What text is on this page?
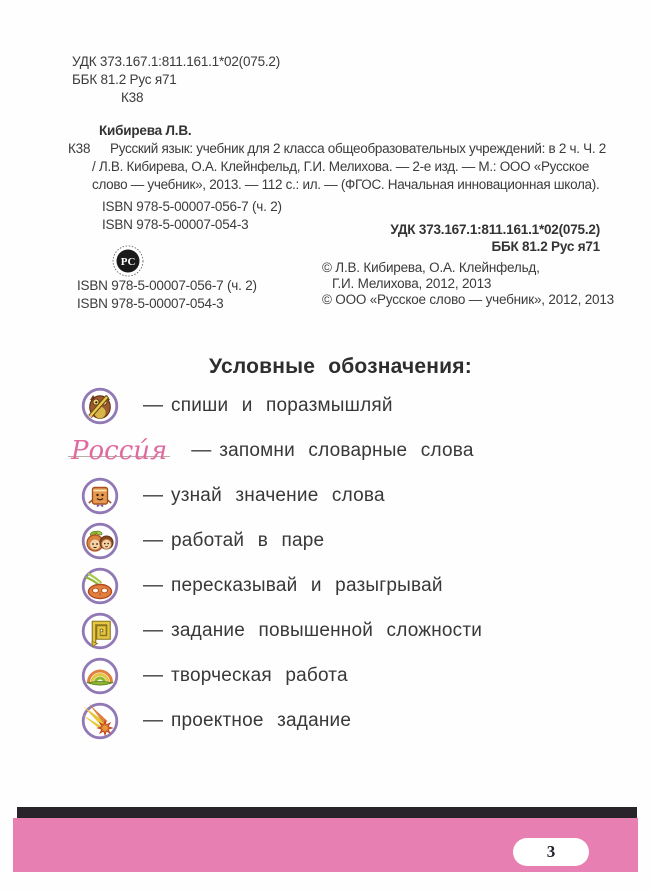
УДК 373.167.1:811.161.1*02(075.2)
ББК 81.2 Рус я71
К38
Кибирева Л.В.
К38	Русский язык: учебник для 2 класса общеобразовательных учреждений: в 2 ч. Ч. 2
/ Л.В. Кибирева, О.А. Клейнфельд, Г.И. Мелихова. — 2-е изд. — М.: ООО «Русское
слово — учебник», 2013. — 112 с.: ил. — (ФГОС. Начальная инновационная школа).
ISBN 978-5-00007-056-7 (ч. 2)
ISBN 978-5-00007-054-3	УДК 373.167.1:811.161.1*02(075.2)
ББК 81.2 Рус я71
РС	© Л.В. Кибирева, О.А. Клейнфельд,
Г.И. Мелихова, 2012, 2013
© ООО «Русское слово — учебник», 2012, 2013
ISBN 978-5-00007-056-7 (ч. 2)
ISBN 978-5-00007-054-3
Условные обозначения:
— спиши и поразмышляй
Росси́я — запомни словарные слова
— узнай значение слова
— работай в паре
— пересказывай и разыгрывай
— задание повышенной сложности
— творческая работа
— проектное задание
3
